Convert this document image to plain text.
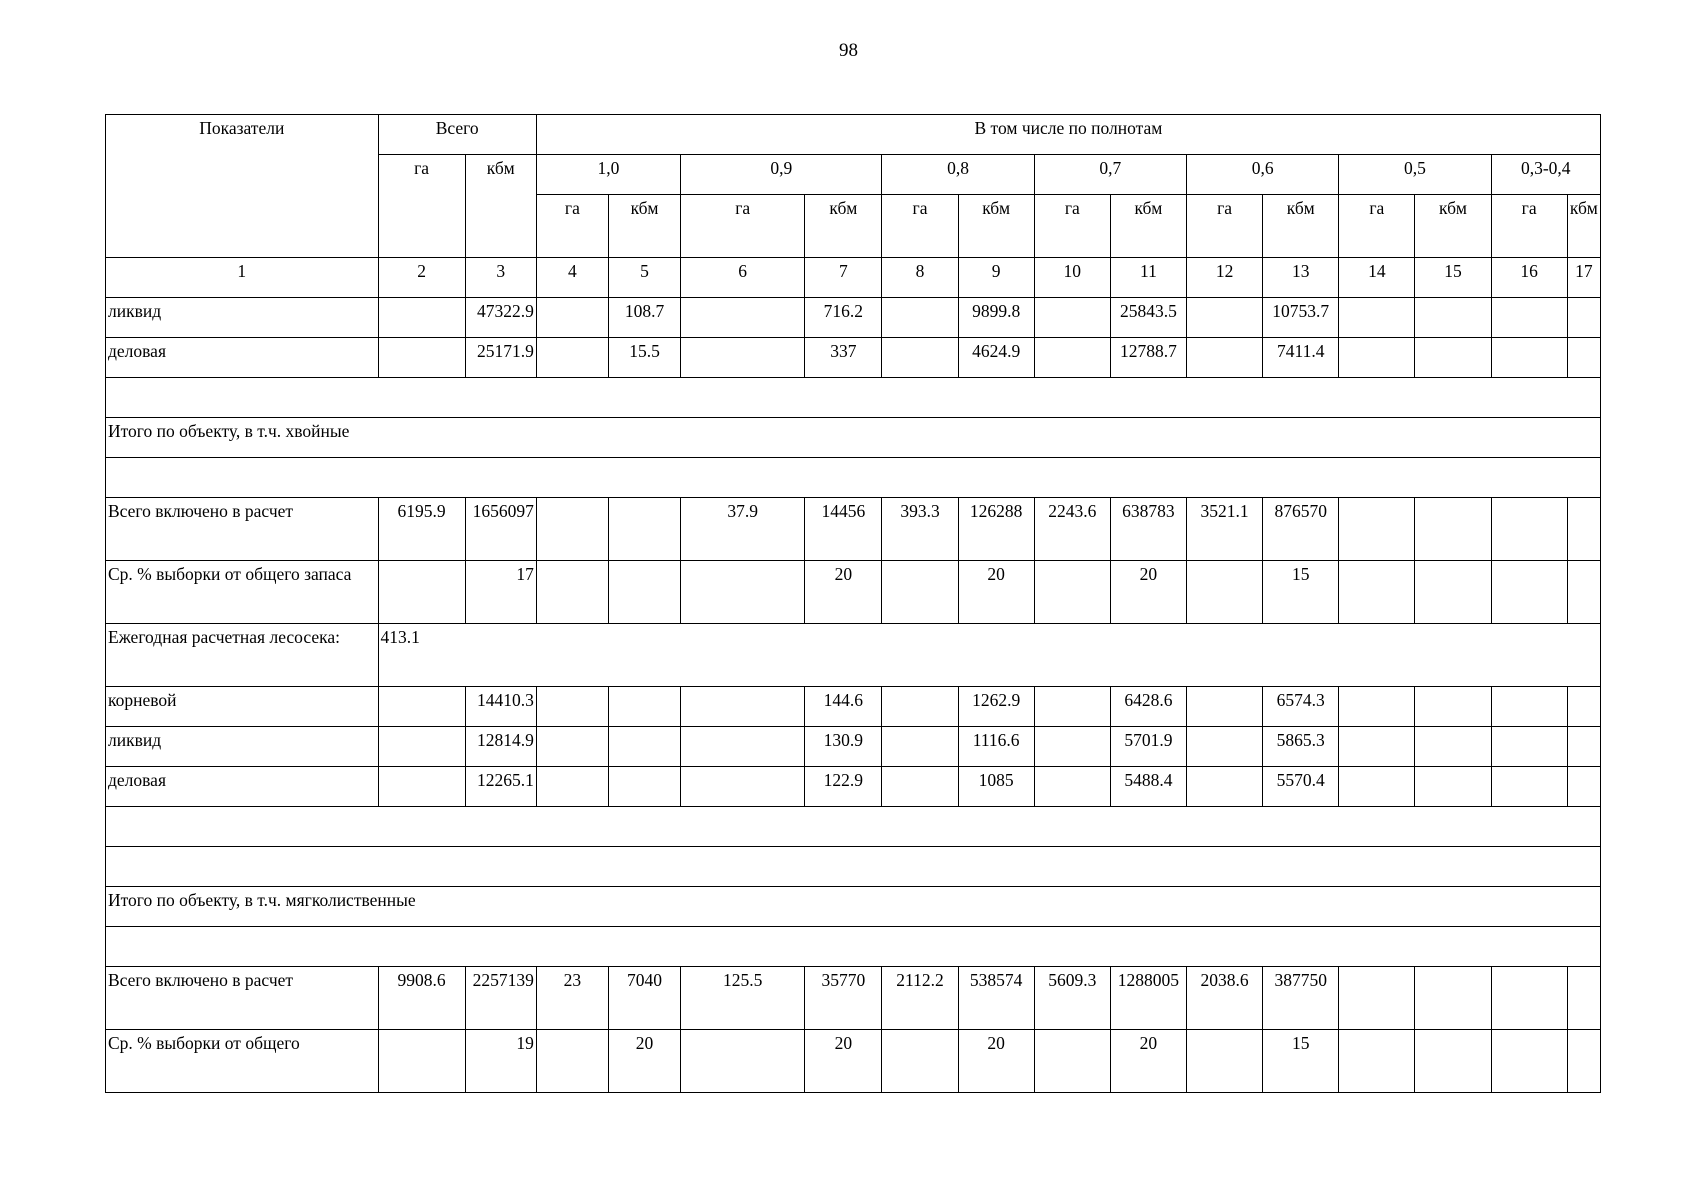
98
Показатели	Всего		В том числе по полнотам													
	га	кбм	1,0		0,9		0,8		0,7		0,6		0,5		0,3-0,4	
			га	кбм	га	кбм	га	кбм	га	кбм	га	кбм	га	кбм	га	кбм
1	2	3	4	5	6	7	8	9	10	11	12	13	14	15	16	17
ликвид		47322.9		108.7		716.2		9899.8		25843.5		10753.7				
деловая		25171.9		15.5		337		4624.9		12788.7		7411.4				

Итого по объекту, в т.ч. хвойные																

Всего включено в расчет	6195.9	1656097			37.9	14456	393.3	126288	2243.6	638783	3521.1	876570				
Ср. % выборки от общего запаса		17				20		20		20		15				
Ежегодная расчетная лесосека:	413.1															
корневой		14410.3				144.6		1262.9		6428.6		6574.3				
ликвид		12814.9				130.9		1116.6		5701.9		5865.3				
деловая		12265.1				122.9		1085		5488.4		5570.4				

Итого по объекту, в т.ч. мягколиственные																

Всего включено в расчет	9908.6	2257139	23	7040	125.5	35770	2112.2	538574	5609.3	1288005	2038.6	387750				
Ср. % выборки от общего		19		20		20		20		20		15				
